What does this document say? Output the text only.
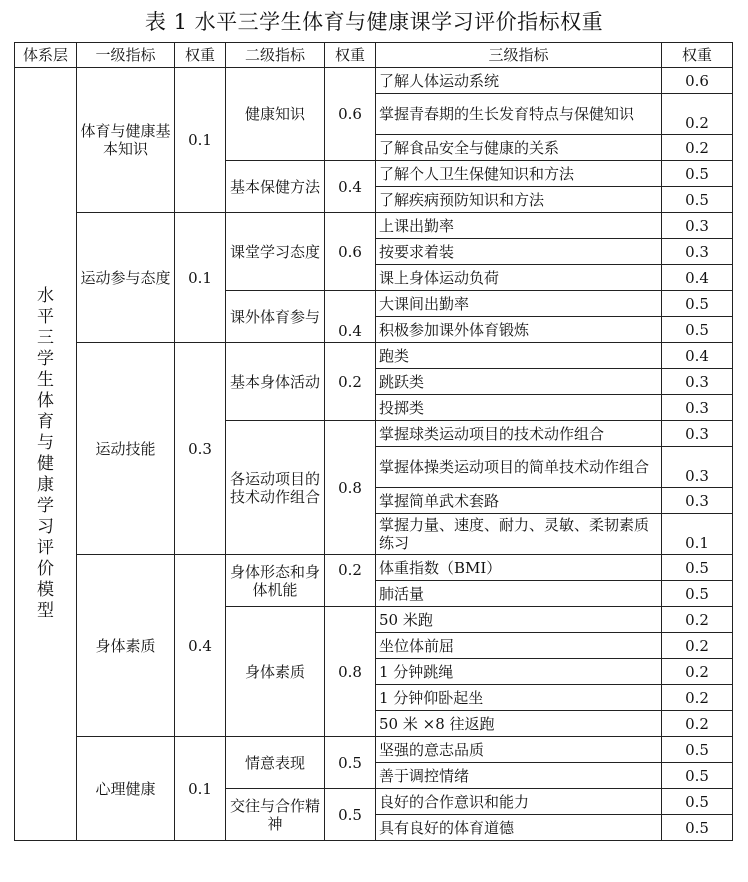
表 1 水平三学生体育与健康课学习评价指标权重
体系层	一级指标	权重	二级指标	权重	三级指标	权重
水平三学生体育与健康学习评价模型	体育与健康基本知识	0.1	健康知识	0.6	了解人体运动系统	0.6
					掌握青春期的生长发育特点与保健知识	0.2
					了解食品安全与健康的关系	0.2
			基本保健方法	0.4	了解个人卫生保健知识和方法	0.5
					了解疾病预防知识和方法	0.5
	运动参与态度	0.1	课堂学习态度	0.6	上课出勤率	0.3
					按要求着装	0.3
					课上身体运动负荷	0.4
			课外体育参与	0.4	大课间出勤率	0.5
					积极参加课外体育锻炼	0.5
	运动技能	0.3	基本身体活动	0.2	跑类	0.4
					跳跃类	0.3
					投掷类	0.3
			各运动项目的技术动作组合	0.8	掌握球类运动项目的技术动作组合	0.3
					掌握体操类运动项目的简单技术动作组合	0.3
					掌握简单武术套路	0.3
					掌握力量、速度、耐力、灵敏、柔韧素质练习	0.1
	身体素质	0.4	身体形态和身体机能	0.2	体重指数（BMI）	0.5
					肺活量	0.5
			身体素质	0.8	50 米跑	0.2
					坐位体前屈	0.2
					1 分钟跳绳	0.2
					1 分钟仰卧起坐	0.2
					50 米 ×8 往返跑	0.2
	心理健康	0.1	情意表现	0.5	坚强的意志品质	0.5
					善于调控情绪	0.5
			交往与合作精神	0.5	良好的合作意识和能力	0.5
					具有良好的体育道德	0.5
